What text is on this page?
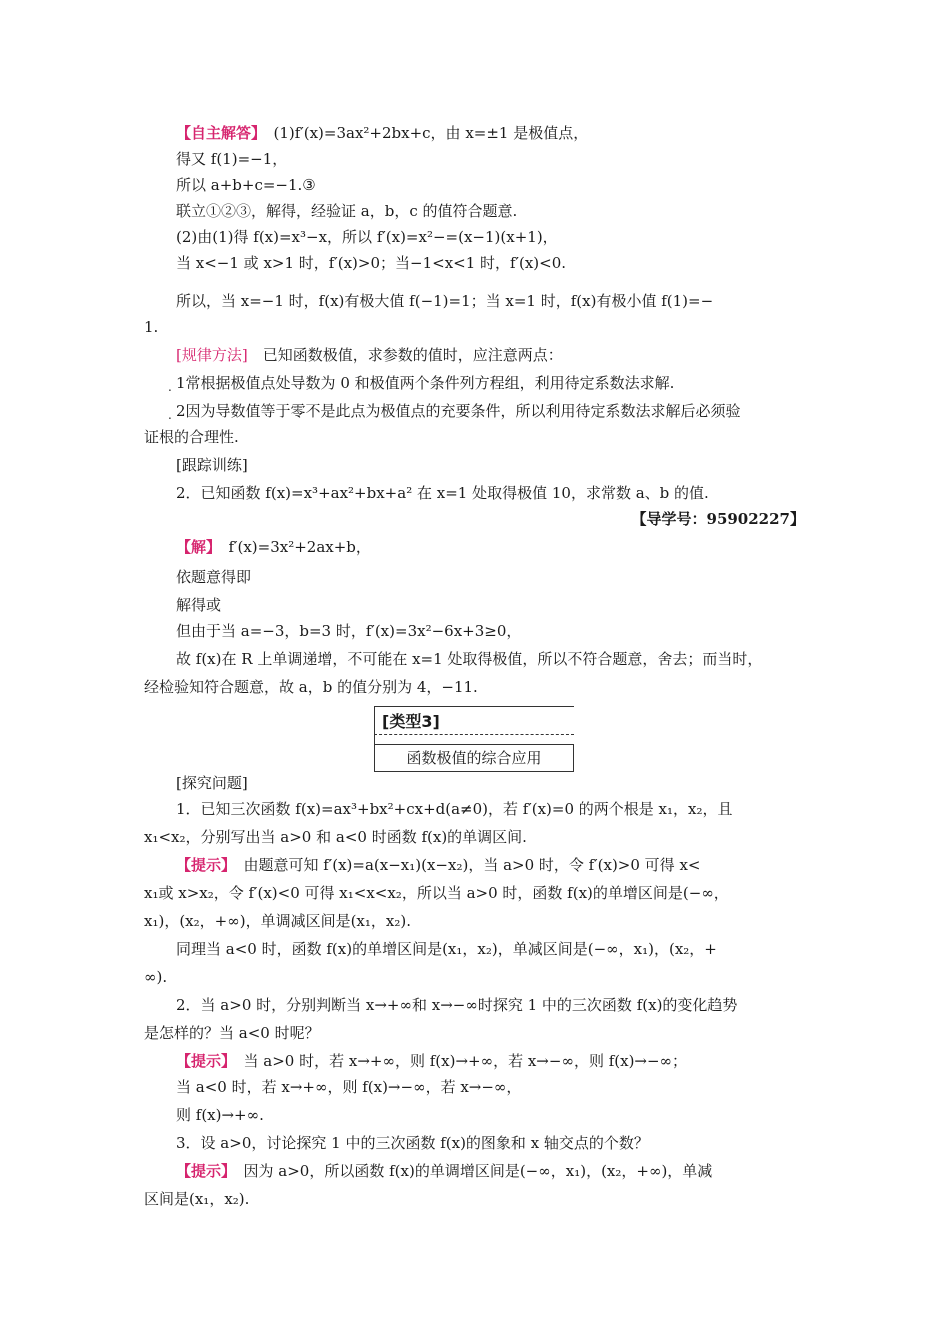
【自主解答】　(1)f′(x)=3ax²+2bx+c，由 x=±1 是极值点，
得又 f(1)=−1，
所以 a+b+c=−1.③
联立①②③，解得，经验证 a，b，c 的值符合题意.
(2)由(1)得 f(x)=x³−x，所以 f′(x)=x²−=(x−1)(x+1)，
当 x<−1 或 x>1 时，f′(x)>0；当−1<x<1 时，f′(x)<0.
所以，当 x=−1 时，f(x)有极大值 f(−1)=1；当 x=1 时，f(x)有极小值 f(1)=−
1.
[规律方法]　已知函数极值，求参数的值时，应注意两点：
. 1常根据极值点处导数为 0 和极值两个条件列方程组，利用待定系数法求解.
. 2因为导数值等于零不是此点为极值点的充要条件，所以利用待定系数法求解后必须验
证根的合理性.
[跟踪训练]
2．已知函数 f(x)=x³+ax²+bx+a² 在 x=1 处取得极值 10，求常数 a、b 的值.
【导学号：95902227】
【解】　f′(x)=3x²+2ax+b，
依题意得即
解得或
但由于当 a=−3，b=3 时，f′(x)=3x²−6x+3≥0，
故 f(x)在 R 上单调递增，不可能在 x=1 处取得极值，所以不符合题意，舍去；而当时，
经检验知符合题意，故 a，b 的值分别为 4，−11.
[类型3]
函数极值的综合应用
[探究问题]
1．已知三次函数 f(x)=ax³+bx²+cx+d(a≠0)，若 f′(x)=0 的两个根是 x₁，x₂，且
x₁<x₂，分别写出当 a>0 和 a<0 时函数 f(x)的单调区间.
【提示】　由题意可知 f′(x)=a(x−x₁)(x−x₂)，当 a>0 时，令 f′(x)>0 可得 x<
x₁或 x>x₂，令 f′(x)<0 可得 x₁<x<x₂，所以当 a>0 时，函数 f(x)的单增区间是(−∞，
x₁)，(x₂，+∞)，单调减区间是(x₁，x₂).
同理当 a<0 时，函数 f(x)的单增区间是(x₁，x₂)，单减区间是(−∞，x₁)，(x₂，+
∞).
2．当 a>0 时，分别判断当 x→+∞和 x→−∞时探究 1 中的三次函数 f(x)的变化趋势
是怎样的？当 a<0 时呢？
【提示】　当 a>0 时，若 x→+∞，则 f(x)→+∞，若 x→−∞，则 f(x)→−∞；
当 a<0 时，若 x→+∞，则 f(x)→−∞，若 x→−∞，
则 f(x)→+∞.
3．设 a>0，讨论探究 1 中的三次函数 f(x)的图象和 x 轴交点的个数？
【提示】　因为 a>0，所以函数 f(x)的单调增区间是(−∞，x₁)，(x₂，+∞)，单减
区间是(x₁，x₂).
